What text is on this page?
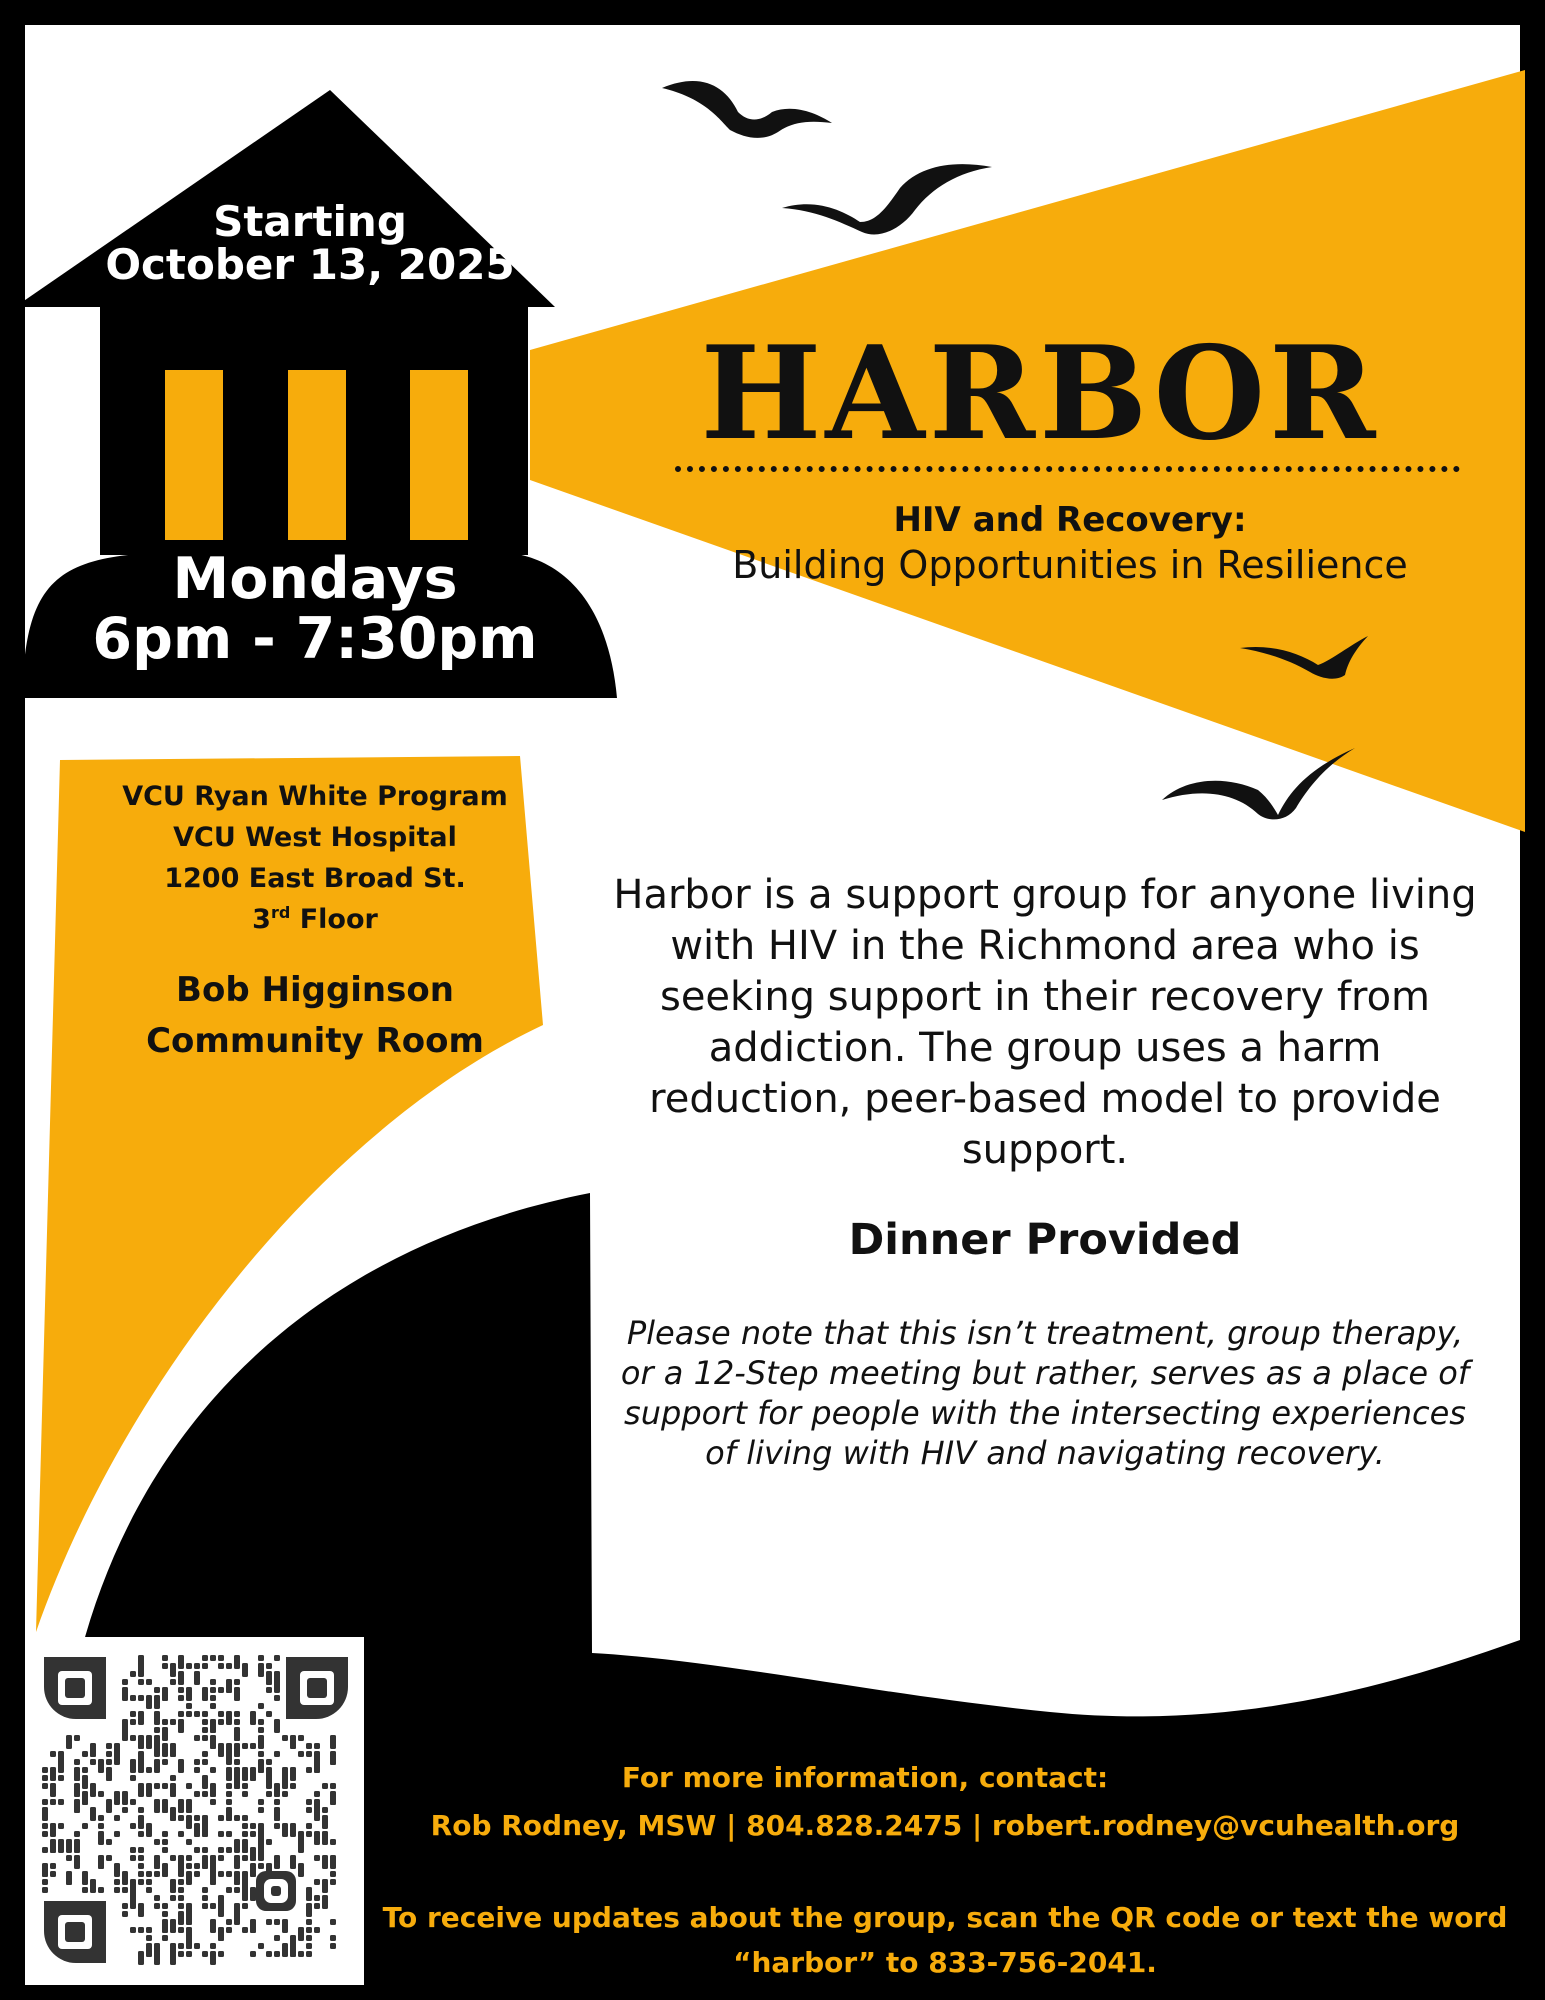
Starting
October 13, 2025

Mondays
6pm - 7:30pm

HARBOR

HIV and Recovery:

Building Opportunities in Resilience

VCU Ryan White Program
VCU West Hospital
1200 East Broad St.
3rd Floor

Bob Higginson
Community Room

Harbor is a support group for anyone living with HIV in the Richmond area who is seeking support in their recovery from addiction. The group uses a harm reduction, peer-based model to provide support.

Dinner Provided

Please note that this isn’t treatment, group therapy, or a 12-Step meeting but rather, serves as a place of support for people with the intersecting experiences of living with HIV and navigating recovery.

For more information, contact:

Rob Rodney, MSW | 804.828.2475 | robert.rodney@vcuhealth.org

To receive updates about the group, scan the QR code or text the word
“harbor” to 833-756-2041.
